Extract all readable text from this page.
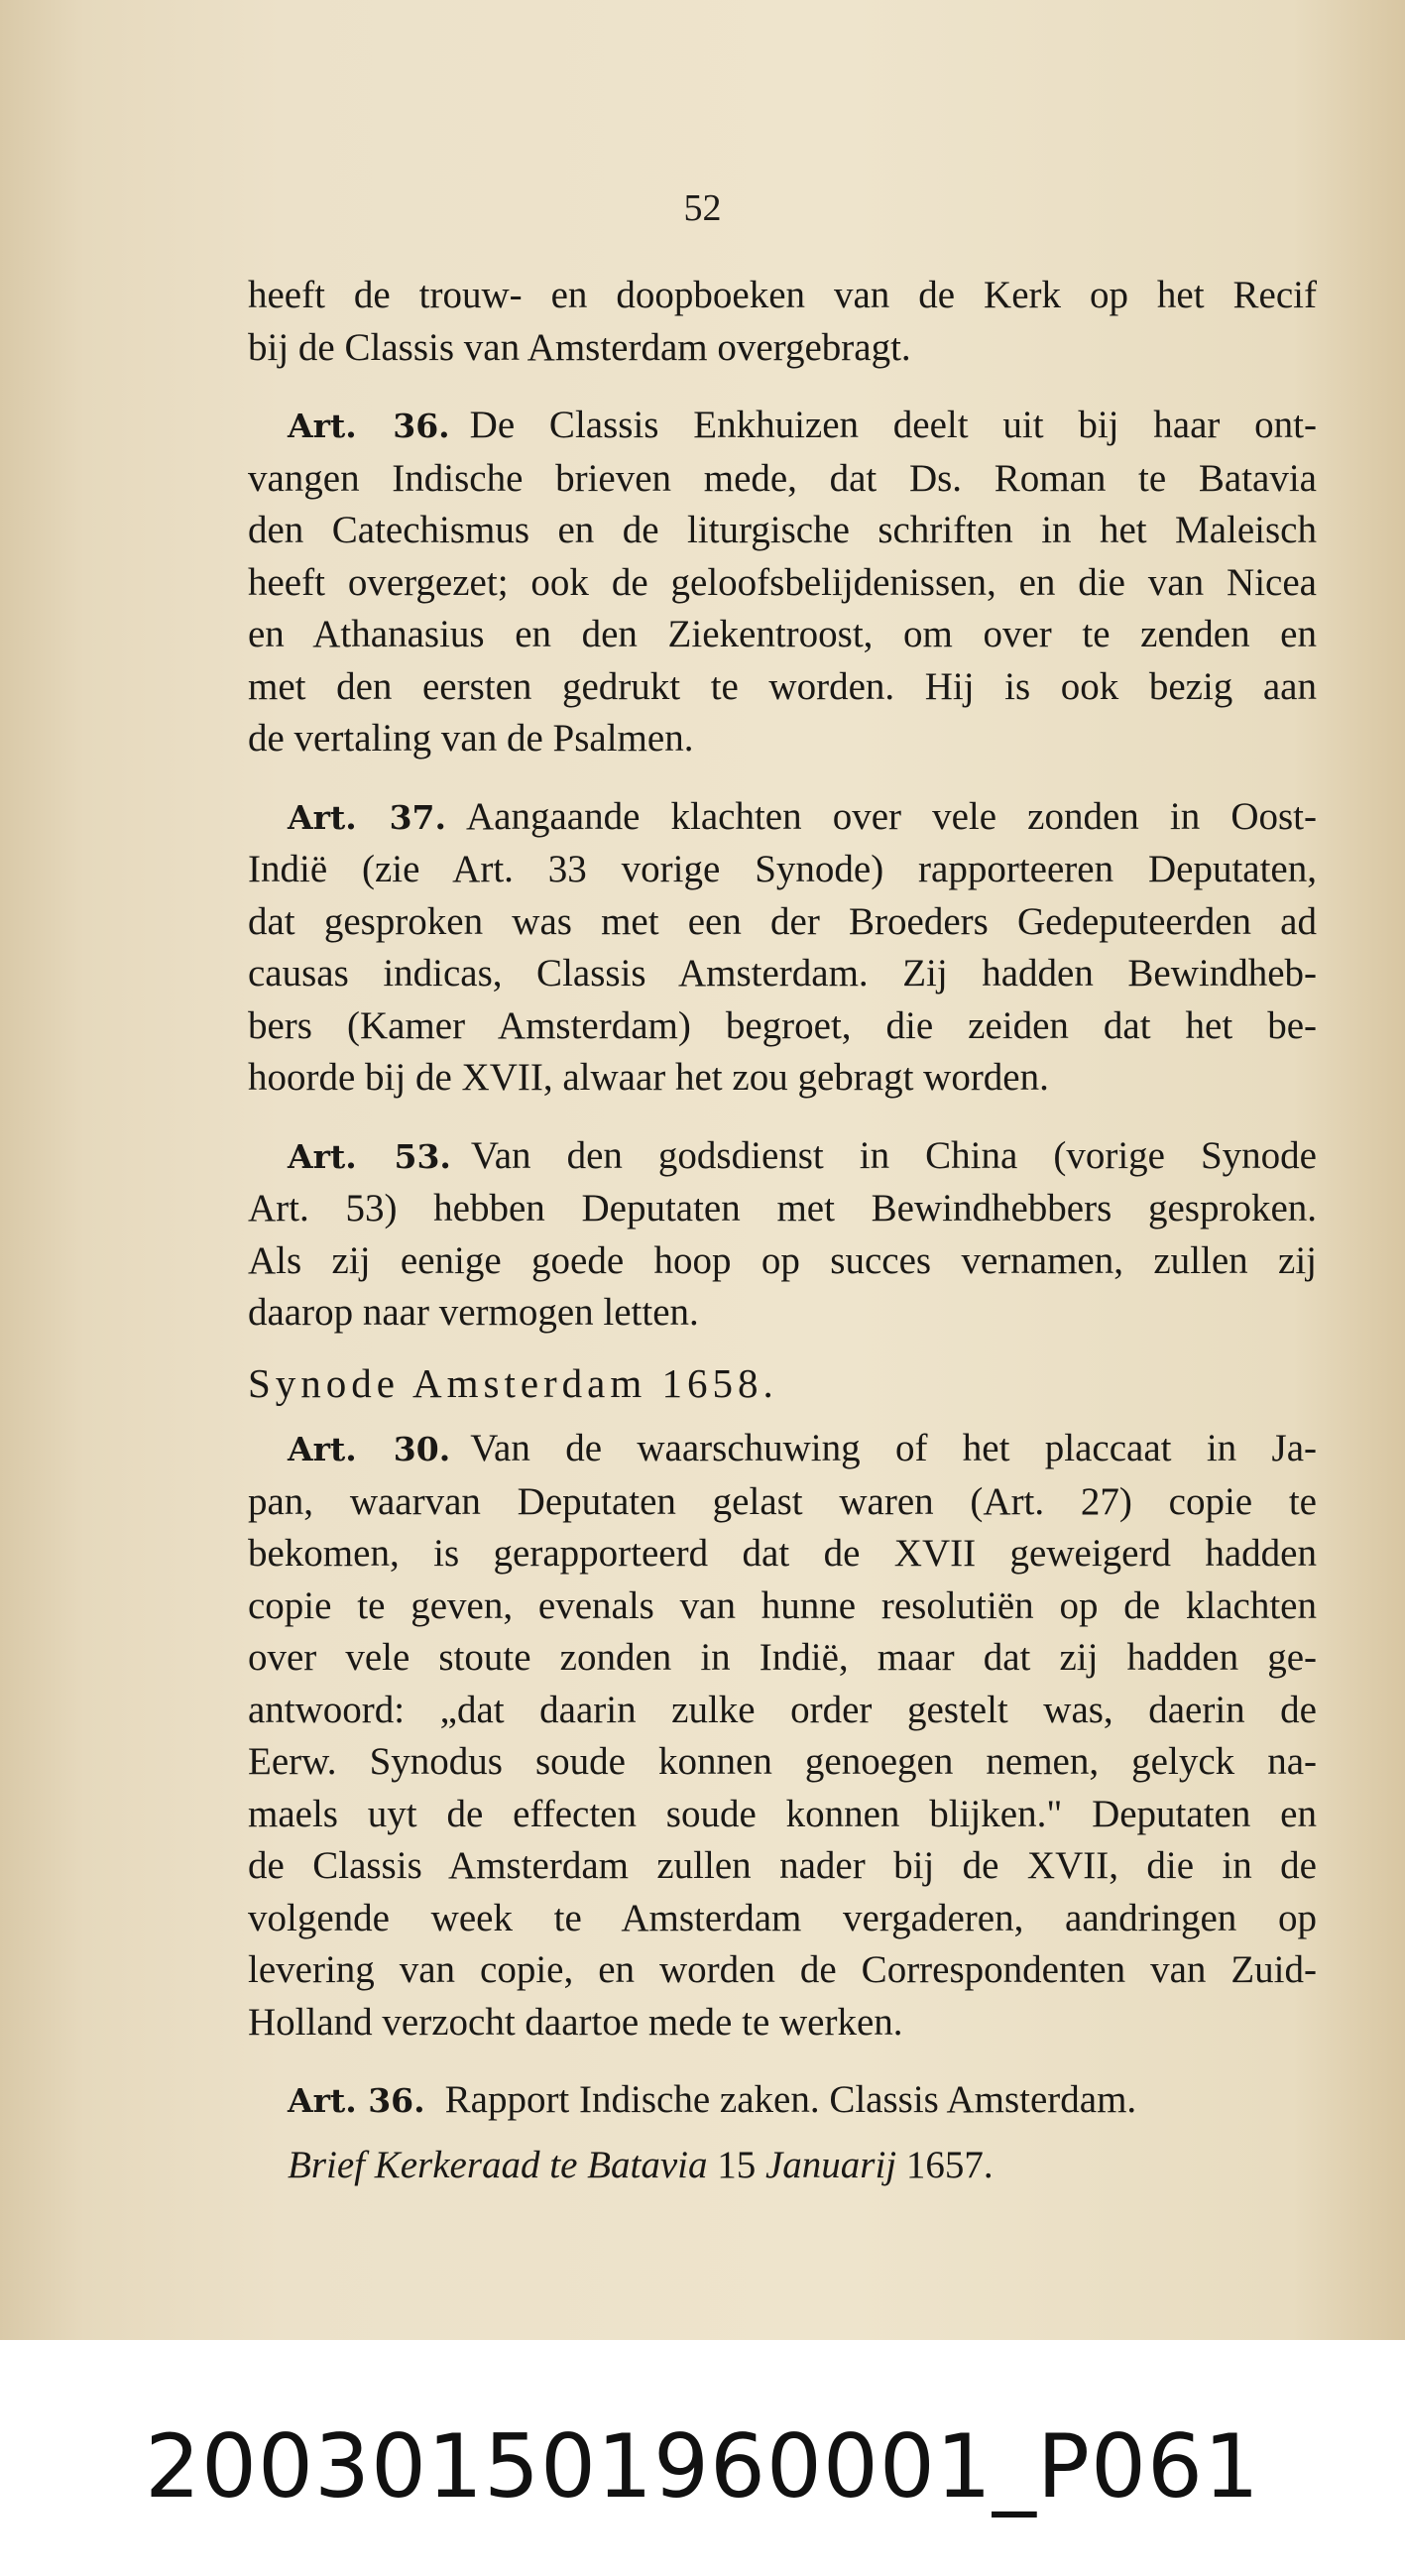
52
heeft de trouw- en doopboeken van de Kerk op het Recif
bij de Classis van Amsterdam overgebragt.
Art. 36. De Classis Enkhuizen deelt uit bij haar ont-
vangen Indische brieven mede, dat Ds. Roman te Batavia
den Catechismus en de liturgische schriften in het Maleisch
heeft overgezet; ook de geloofsbelijdenissen, en die van Nicea
en Athanasius en den Ziekentroost, om over te zenden en
met den eersten gedrukt te worden. Hij is ook bezig aan
de vertaling van de Psalmen.
Art. 37. Aangaande klachten over vele zonden in Oost-
Indië (zie Art. 33 vorige Synode) rapporteeren Deputaten,
dat gesproken was met een der Broeders Gedeputeerden ad
causas indicas, Classis Amsterdam. Zij hadden Bewindheb-
bers (Kamer Amsterdam) begroet, die zeiden dat het be-
hoorde bij de XVII, alwaar het zou gebragt worden.
Art. 53. Van den godsdienst in China (vorige Synode
Art. 53) hebben Deputaten met Bewindhebbers gesproken.
Als zij eenige goede hoop op succes vernamen, zullen zij
daarop naar vermogen letten.
Synode Amsterdam 1658.
Art. 30. Van de waarschuwing of het placcaat in Ja-
pan, waarvan Deputaten gelast waren (Art. 27) copie te
bekomen, is gerapporteerd dat de XVII geweigerd hadden
copie te geven, evenals van hunne resolutiën op de klachten
over vele stoute zonden in Indië, maar dat zij hadden ge-
antwoord: „dat daarin zulke order gestelt was, daerin de
Eerw. Synodus soude konnen genoegen nemen, gelyck na-
maels uyt de effecten soude konnen blijken." Deputaten en
de Classis Amsterdam zullen nader bij de XVII, die in de
volgende week te Amsterdam vergaderen, aandringen op
levering van copie, en worden de Correspondenten van Zuid-
Holland verzocht daartoe mede te werken.
Art. 36. Rapport Indische zaken. Classis Amsterdam.
Brief Kerkeraad te Batavia 15 Januarij 1657.
200301501960001_P061
